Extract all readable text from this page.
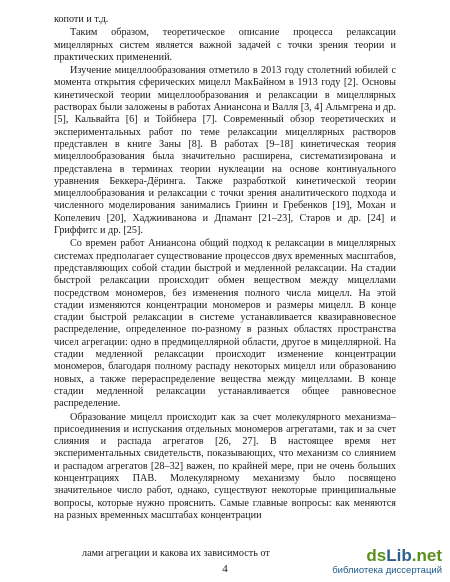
копоти и т.д.

Таким образом, теоретическое описание процесса релаксации мицеллярных систем является важной задачей с точки зрения теории и практических применений.

Изучение мицеллообразования отметило в 2013 году столетний юбилей с момента открытия сферических мицелл МакБайном в 1913 году [2]. Основы кинетической теории мицеллообразования и релаксации в мицеллярных растворах были заложены в работах Аниансона и Валля [3, 4] Альмгрена и др. [5], Кальвайта [6] и Тойбнера [7]. Современный обзор теоретических и экспериментальных работ по теме релаксации мицеллярных растворов представлен в книге Заны [8]. В работах [9–18] кинетическая теория мицеллообразования была значительно расширена, систематизирована и представлена в терминах теории нуклеации на основе континуального уравнения Беккера-Дёринга. Также разработкой кинетической теории мицеллообразования и релаксации с точки зрения аналитического подхода и численного моделирования занимались Гриинн и Гребенков [19], Мохан и Копелевич [20], Хаджииванова и Дпамант [21–23], Старов и др. [24] и Гриффитс и др. [25].

Со времен работ Аниансона общий подход к релаксации в мицеллярных системах предполагает существование процессов двух временных масштабов, представляющих собой стадии быстрой и медленной релаксации. На стадии быстрой релаксации происходит обмен веществом между мицеллами посредством мономеров, без изменения полного числа мицелл. На этой стадии изменяются концентрации мономеров и размеры мицелл. В конце стадии быстрой релаксации в системе устанавливается квазиравновесное распределение, определенное по-разному в разных областях пространства чисел агрегации: одно в предмицеллярной области, другое в мицеллярной. На стадии медленной релаксации происходит изменение концентрации мономеров, благодаря полному распаду некоторых мицелл или образованию новых, а также перераспределение вещества между мицеллами. В конце стадии медленной релаксации устанавливается общее равновесное распределение.

Образование мицелл происходит как за счет молекулярного механизма– присоединения и испускания отдельных мономеров агрегатами, так и за счет слияния и распада агрегатов [26, 27]. В настоящее время нет экспериментальных свидетельств, показывающих, что механизм со слиянием и распадом агрегатов [28–32] важен, по крайней мере, при не очень больших концентрациях ПАВ. Молекулярному механизму было посвящено значительное число работ, однако, существуют некоторые принципиальные вопросы, которые нужно прояснить. Самые главные вопросы: как меняются на разных временных масштабах концентрации

лами агрегации и какова их зависимость от
4
dsLib.net
библиотека диссертаций
